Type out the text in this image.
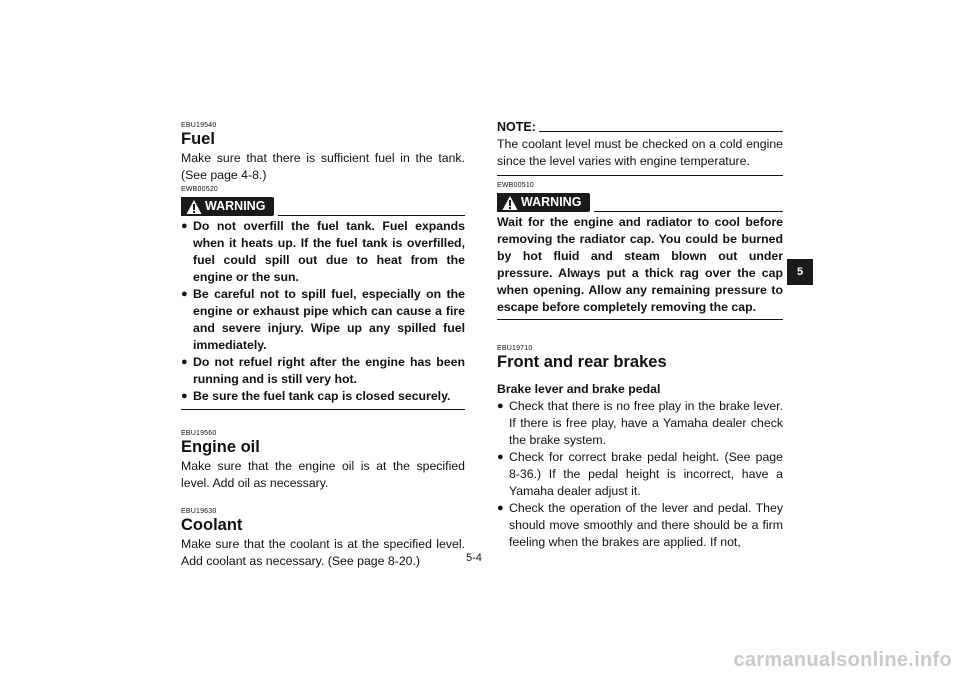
EBU19540

Fuel

Make sure that there is sufficient fuel in the tank. (See page 4-8.)

EWB00520

WARNING
● Do not overfill the fuel tank. Fuel expands when it heats up. If the fuel tank is overfilled, fuel could spill out due to heat from the engine or the sun.
● Be careful not to spill fuel, especially on the engine or exhaust pipe which can cause a fire and severe injury. Wipe up any spilled fuel immediately.
● Do not refuel right after the engine has been running and is still very hot.
● Be sure the fuel tank cap is closed securely.

EBU19560

Engine oil

Make sure that the engine oil is at the specified level. Add oil as necessary.

EBU19630

Coolant

Make sure that the coolant is at the specified level. Add coolant as necessary. (See page 8-20.)

NOTE:

The coolant level must be checked on a cold engine since the level varies with engine temperature.

EWB00510

WARNING

Wait for the engine and radiator to cool before removing the radiator cap. You could be burned by hot fluid and steam blown out under pressure. Always put a thick rag over the cap when opening. Allow any remaining pressure to escape before completely removing the cap.

EBU19710

Front and rear brakes

Brake lever and brake pedal

● Check that there is no free play in the brake lever. If there is free play, have a Yamaha dealer check the brake system.
● Check for correct brake pedal height. (See page 8-36.) If the pedal height is incorrect, have a Yamaha dealer adjust it.
● Check the operation of the lever and pedal. They should move smoothly and there should be a firm feeling when the brakes are applied. If not,
5
5-4
carmanualsonline.info
